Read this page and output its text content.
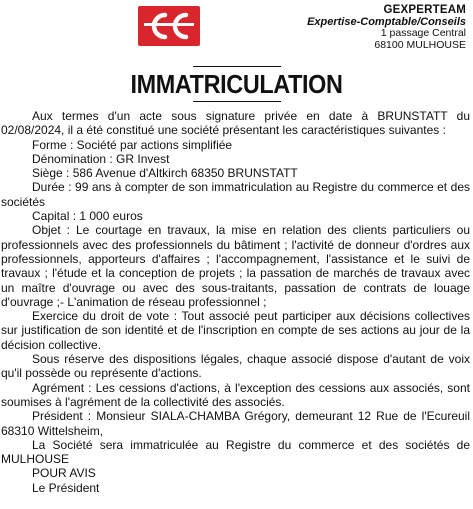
GEXPERTEAM
Expertise-Comptable/Conseils
1 passage Central
68100 MULHOUSE
IMMATRICULATION

Aux termes d'un acte sous signature privée en date à BRUNSTATT du 02/08/2024, il a été constitué une société présentant les caractéristiques suivantes :

Forme : Société par actions simplifiée

Dénomination : GR Invest

Siège : 586 Avenue d'Altkirch 68350 BRUNSTATT

Durée : 99 ans à compter de son immatriculation au Registre du commerce et des sociétés

Capital : 1 000 euros

Objet : Le courtage en travaux, la mise en relation des clients particuliers ou professionnels avec des professionnels du bâtiment ; l'activité de donneur d'ordres aux professionnels, apporteurs d'affaires ; l'accompagnement, l'assistance et le suivi de travaux ; l'étude et la conception de projets ; la passation de marchés de travaux avec un maître d'ouvrage ou avec des sous-traitants, passation de contrats de louage d'ouvrage ;- L'animation de réseau professionnel ;

Exercice du droit de vote : Tout associé peut participer aux décisions collectives sur justification de son identité et de l'inscription en compte de ses actions au jour de la décision collective.

Sous réserve des dispositions légales, chaque associé dispose d'autant de voix qu'il possède ou représente d'actions.

Agrément : Les cessions d'actions, à l'exception des cessions aux associés, sont soumises à l'agrément de la collectivité des associés.

Président : Monsieur SIALA-CHAMBA Grégory, demeurant 12 Rue de l'Ecureuil 68310 Wittelsheim,

La Société sera immatriculée au Registre du commerce et des sociétés de MULHOUSE

POUR AVIS

Le Président
